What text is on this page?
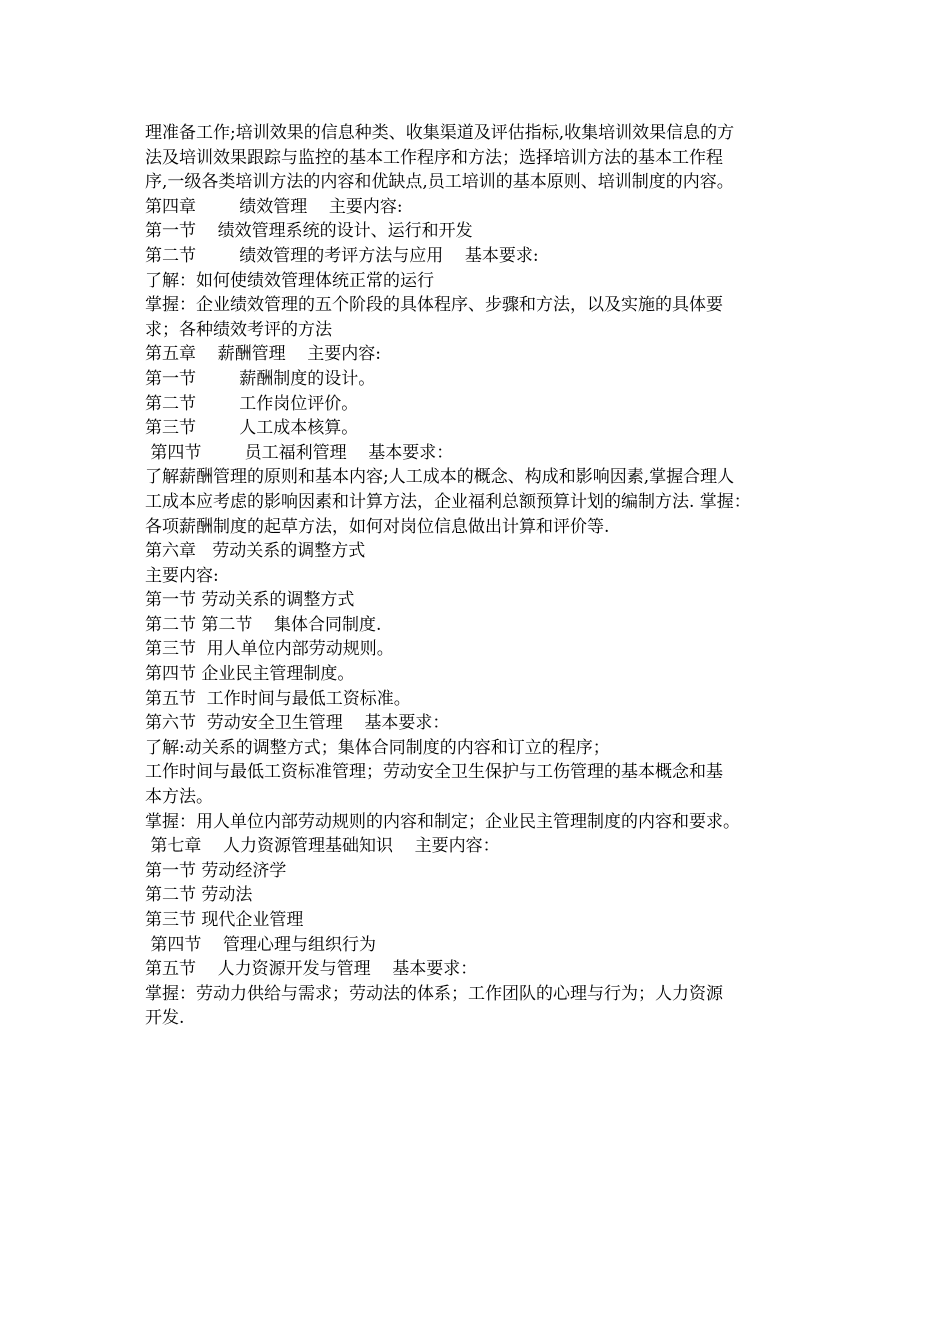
理准备工作;培训效果的信息种类、收集渠道及评估指标,收集培训效果信息的方

法及培训效果跟踪与监控的基本工作程序和方法；选择培训方法的基本工作程

序,一级各类培训方法的内容和优缺点,员工培训的基本原则、培训制度的内容。

第四章        绩效管理    主要内容:

第一节    绩效管理系统的设计、运行和开发

第二节        绩效管理的考评方法与应用    基本要求:

了解：如何使绩效管理体统正常的运行

掌握：企业绩效管理的五个阶段的具体程序、步骤和方法，以及实施的具体要

求；各种绩效考评的方法

第五章    薪酬管理    主要内容:

第一节        薪酬制度的设计。

第二节        工作岗位评价。

第三节        人工成本核算。

第四节        员工福利管理    基本要求：

了解薪酬管理的原则和基本内容;人工成本的概念、构成和影响因素,掌握合理人

工成本应考虑的影响因素和计算方法，企业福利总额预算计划的编制方法. 掌握：

各项薪酬制度的起草方法，如何对岗位信息做出计算和评价等.

第六章   劳动关系的调整方式

主要内容:

第一节 劳动关系的调整方式

第二节 第二节    集体合同制度.

第三节  用人单位内部劳动规则。

第四节 企业民主管理制度。

第五节  工作时间与最低工资标准。

第六节  劳动安全卫生管理    基本要求：

了解:动关系的调整方式；集体合同制度的内容和订立的程序；

工作时间与最低工资标准管理；劳动安全卫生保护与工伤管理的基本概念和基

本方法。

掌握：用人单位内部劳动规则的内容和制定；企业民主管理制度的内容和要求。

第七章    人力资源管理基础知识    主要内容：

第一节 劳动经济学

第二节 劳动法

第三节 现代企业管理

第四节    管理心理与组织行为

第五节    人力资源开发与管理    基本要求：

掌握：劳动力供给与需求；劳动法的体系；工作团队的心理与行为；人力资源

开发.
